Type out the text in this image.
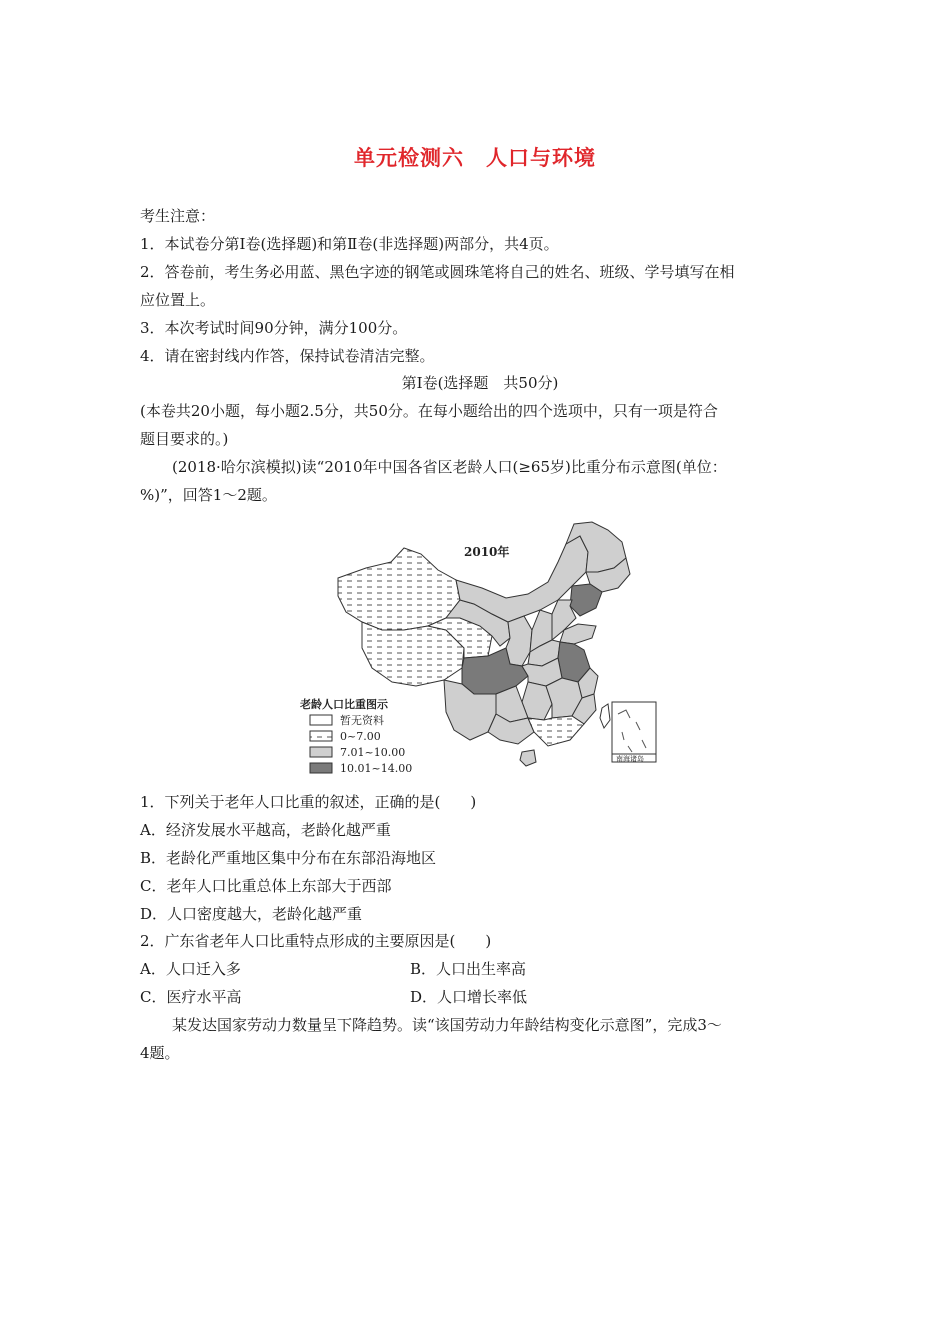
单元检测六　人口与环境
考生注意：
1．本试卷分第Ⅰ卷(选择题)和第Ⅱ卷(非选择题)两部分，共4页。
2．答卷前，考生务必用蓝、黑色字迹的钢笔或圆珠笔将自己的姓名、班级、学号填写在相
应位置上。
3．本次考试时间90分钟，满分100分。
4．请在密封线内作答，保持试卷清洁完整。
第Ⅰ卷(选择题　共50分)
(本卷共20小题，每小题2.5分，共50分。在每小题给出的四个选项中，只有一项是符合
题目要求的。)
(2018·哈尔滨模拟)读“2010年中国各省区老龄人口(≥65岁)比重分布示意图(单位：
%)”，回答1～2题。
2010年
老龄人口比重图示
暂无资料
0~7.00
7.01~10.00
10.01~14.00
南海诸岛
1．下列关于老年人口比重的叙述，正确的是(　　)
A．经济发展水平越高，老龄化越严重
B．老龄化严重地区集中分布在东部沿海地区
C．老年人口比重总体上东部大于西部
D．人口密度越大，老龄化越严重
2．广东省老年人口比重特点形成的主要原因是(　　)
A．人口迁入多	B．人口出生率高
C．医疗水平高	D．人口增长率低
某发达国家劳动力数量呈下降趋势。读“该国劳动力年龄结构变化示意图”，完成3～
4题。
